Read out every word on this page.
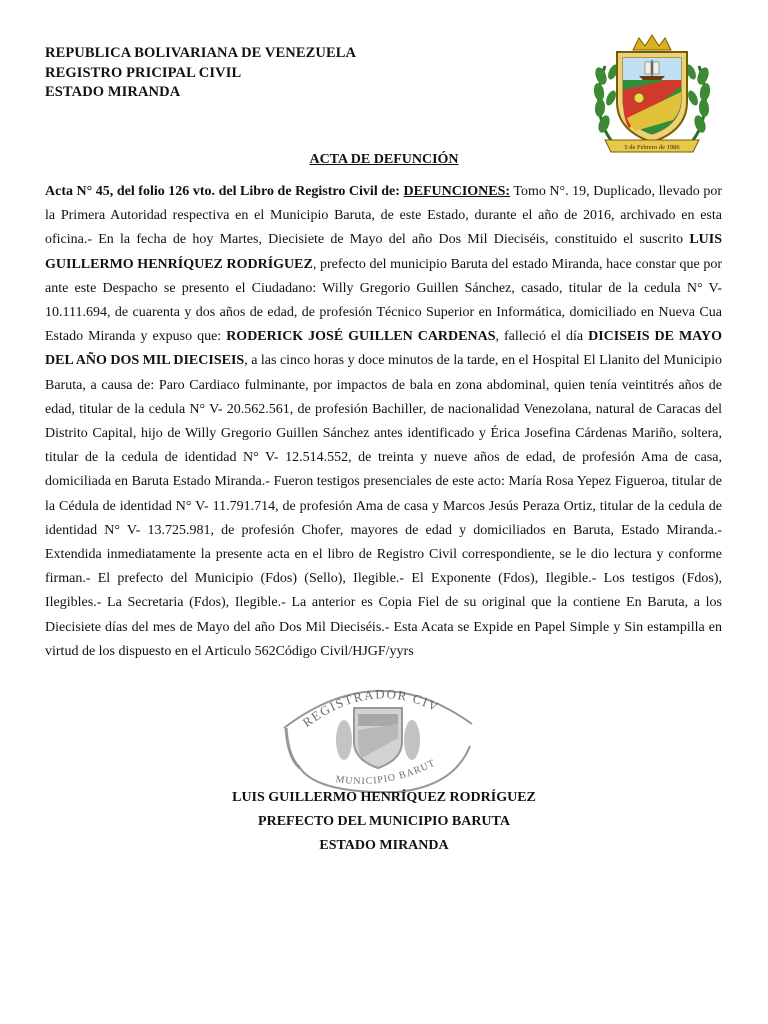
REPUBLICA BOLIVARIANA DE VENEZUELA
REGISTRO PRICIPAL CIVIL
ESTADO MIRANDA
5 de Febrero de 1986
ACTA DE DEFUNCIÓN

Acta N° 45, del folio 126 vto. del Libro de Registro Civil de: DEFUNCIONES: Tomo N°. 19, Duplicado, llevado por la Primera Autoridad respectiva en el Municipio Baruta, de este Estado, durante el año de 2016, archivado en esta oficina.- En la fecha de hoy Martes, Diecisiete de Mayo del año Dos Mil Dieciséis, constituido el suscrito LUIS GUILLERMO HENRÍQUEZ RODRÍGUEZ, prefecto del municipio Baruta del estado Miranda, hace constar que por ante este Despacho se presento el Ciudadano: Willy Gregorio Guillen Sánchez, casado, titular de la cedula N° V-10.111.694, de cuarenta y dos años de edad, de profesión Técnico Superior en Informática, domiciliado en Nueva Cua Estado Miranda y expuso que: RODERICK JOSÉ GUILLEN CARDENAS, falleció el día DICISEIS DE MAYO DEL AÑO DOS MIL DIECISEIS, a las cinco horas y doce minutos de la tarde, en el Hospital El Llanito del Municipio Baruta, a causa de: Paro Cardiaco fulminante, por impactos de bala en zona abdominal, quien tenía veintitrés años de edad, titular de la cedula N° V- 20.562.561, de profesión Bachiller, de nacionalidad Venezolana, natural de Caracas del Distrito Capital, hijo de Willy Gregorio Guillen Sánchez antes identificado y Érica Josefina Cárdenas Mariño, soltera, titular de la cedula de identidad N° V- 12.514.552, de treinta y nueve años de edad, de profesión Ama de casa, domiciliada en Baruta Estado Miranda.- Fueron testigos presenciales de este acto: María Rosa Yepez Figueroa, titular de la Cédula de identidad N° V- 11.791.714, de profesión Ama de casa y Marcos Jesús Peraza Ortiz, titular de la cedula de identidad N° V- 13.725.981, de profesión Chofer, mayores de edad y domiciliados en Baruta, Estado Miranda.- Extendida inmediatamente la presente acta en el libro de Registro Civil correspondiente, se le dio lectura y conforme firman.- El prefecto del Municipio (Fdos) (Sello), Ilegible.- El Exponente (Fdos), Ilegible.- Los testigos (Fdos), Ilegibles.- La Secretaria (Fdos), Ilegible.- La anterior es Copia Fiel de su original que la contiene En Baruta, a los Diecisiete días del mes de Mayo del año Dos Mil Dieciséis.- Esta Acata se Expide en Papel Simple y Sin estampilla en virtud de los dispuesto en el Articulo 562Código Civil/HJGF/yyrs

REGISTRADOR CIV
MUNICIPIO BARUT
LUIS GUILLERMO HENRÍQUEZ RODRÍGUEZ
PREFECTO DEL MUNICIPIO BARUTA
ESTADO MIRANDA
